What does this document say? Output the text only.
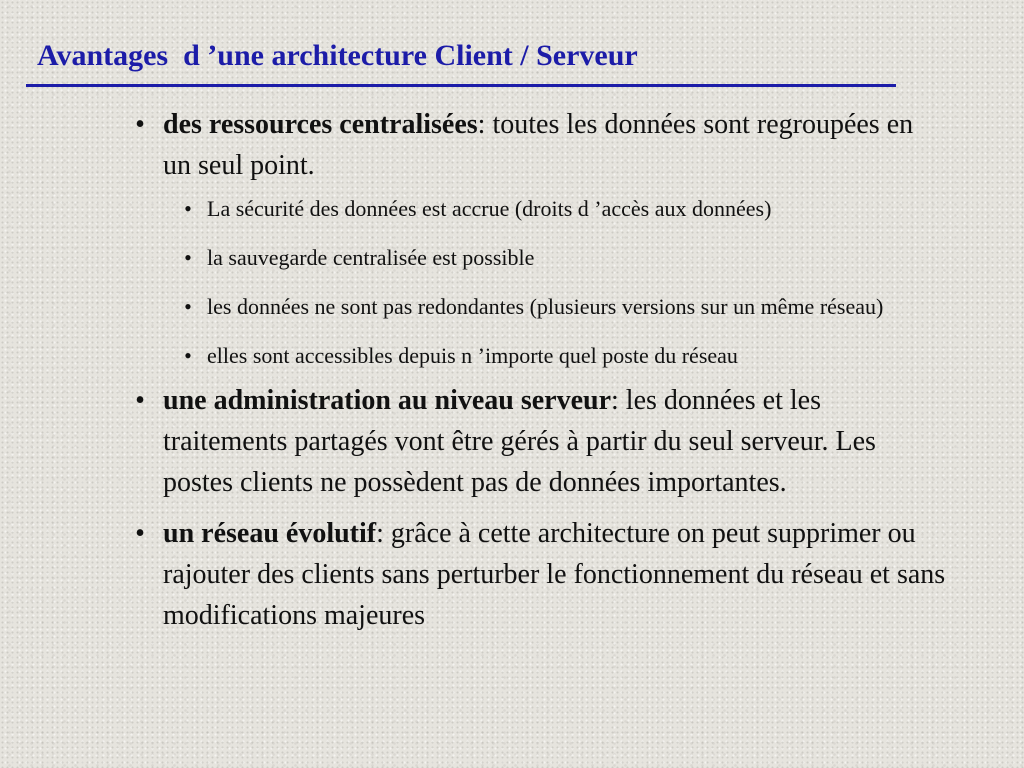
Avantages  d ’une architecture Client / Serveur
• des ressources centralisées: toutes les données sont regroupées en un seul point.
• La sécurité des données est accrue (droits d ’accès aux données)
• la sauvegarde centralisée est possible
• les données ne sont pas redondantes (plusieurs versions sur un même réseau)
• elles sont accessibles depuis n ’importe quel poste du réseau
• une administration au niveau serveur: les données et les traitements partagés vont être gérés à partir du seul serveur. Les postes clients ne possèdent pas de données importantes.
• un réseau évolutif: grâce à cette architecture on peut supprimer ou rajouter des clients sans perturber le fonctionnement du réseau et sans modifications majeures
